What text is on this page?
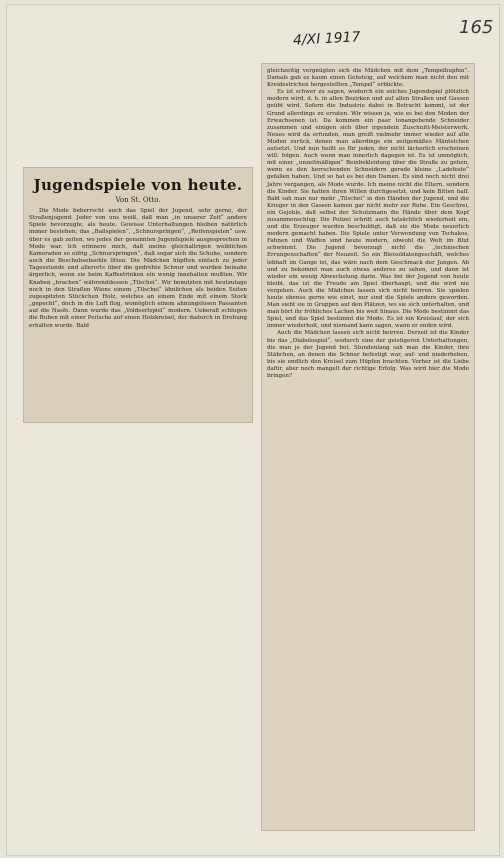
4/XI 1917
165
Jugendspiele von heute.
Von St. Otto.

Die Mode beherrscht auch das Spiel der Jugend, sehr gerne, der Straßenjugend. Jeder von uns weiß, daß man „in unserer Zeit“ andere Spiele bevorzugte, als heute. Gewisse Unterhaltungen bleiben natürlich immer bestehen; das „Ballspielen“, „Schnurspringen“, „Reifenspielen“ usw. über es gab zeiten, wo jedes der genannten Jugendspiele ausgesprochen in Mode war. Ich erinnere mich, daß meine gleichaltrigen weiblichen Kameraden so eifrig „Schnurspringen“, daß sogar sich die Schuhe, sondern auch die Beschuhsebsohle litten. Die Mädchen hüpften einfach zu jeder Tagesstunde und allerorts über die gedrehte Schnur und wurden beinahe ärgerlich, wenn sie beim Kaffeetrinken ein wenig innehalten mußten. Wir Knaben „brachen“ währenddessen „Tilschei“. Wir benutzten mit heutzutage noch in den Straßen Wiens einem „Tilschei“ ähnlichen als beiden Seiten zugespitzten Stückchen Holz, welches an einem Ende mit einem Stock „gepecht“, doch in die Luft flog, womöglich einem ahnungslosen Passanten auf die Nasfe. Dann wurde das „Voldeerlspiel“ modern. Ueberall schlugen die Buben mit einer Peitsche auf einen Holzkreisel, der dadurch in Drehung erhalten wurde. Bald

gleichzeitig vergnügten sich die Mädchen mit dem „Tempelhupfen“. Damals gab es kaum einen Gehsteig, auf welchem man nicht den mit Kreidestrichen hergestellten „Tempel“ erblickte.

Es ist schwer zu sagen, wodurch ein solches Jugendspiel plötzlich modern wird, d. h. in allen Bezirken und auf allen Straßen und Gassen geübt wird. Sofern die Industrie dabei in Betracht kommt, ist der Grund allerdings zu erraten. Wir wissen ja, wie es bei den Moden der Erwachsenen ist. Da kommen ein paar tonangebende Schneider zusammen und einigen sich über irgendein Zuschnitt-Meisterwerk. Neues wird da erfunden, man greift vielmehr immer wieder auf alte Moden zurück, denen man allerdings ein zeitgemäßes Mäntelchen aufsetzt. Und nun heißt es für jeden, der nicht lächerlich erscheinen will: folgen. Auch wenn man innerlich dagegen ist. Es ist unmöglich, mit einer „unzeitmäßigen“ Beinbekleidung über die Straße zu gehen, wenn es den herrschenden Schneidern gerade kleine „Ladefeste“ gefallen haben. Und so hat es bei den Damen. Es sind noch nicht drei Jahre vergangen, als Mode wurde. Ich meine nicht die Eltern, sondern die Kinder. Sie hatten ihren Willen durchgesetzt, und kein Bitten half. Bald sah man nur mehr „Tilschei“ in den Händen der Jugend, und die Krieger in den Gassen kamen gar nicht mehr zur Ruhe. Ein Geschrei, ein Gejohle, daß selbst der Schutzmann die Hände über dem Kopf zusammenschlug. Die Polizei schritt auch tatsächlich wiederholt ein, und die Erzeuger wurden beschuldigt, daß sie die Mode neuerlich modern gemacht haben. Die Spiele unter Verwendung von Tschakos, Fahnen und Waffen sind heute modern, obwohl die Welt im Blut schwimmt. Die Jugend bevorzugt nicht die „technischen Errungenschaften“ der Neuzeit. So ein Bleisoldatengeschäft, welches lebhaft im Gange ist, das wäre nach dem Geschmack der Jungen. Ab und zu bekommt man auch etwas anderes zu sehen, und dann ist wieder ein wenig Abwechslung darin. Was bei der Jugend von heute bleibt, das ist die Freude am Spiel überhaupt, und die wird nie vergehen. Auch die Mädchen lassen sich nicht beirren. Sie spielen heute ebenso gerne wie einst, nur sind die Spiele andere geworden. Man sieht sie in Gruppen auf den Plätzen, wo sie sich unterhalten, und man hört ihr fröhliches Lachen bis weit hinaus. Die Mode bestimmt das Spiel, und das Spiel bestimmt die Mode. Es ist ein Kreislauf, der sich immer wiederholt, und niemand kann sagen, wann er enden wird.

Auch die Mädchen lassen sich nicht beirren. Derzeit ist die Kinder bis das „Diabolospiel“, wodurch eine der geistigeren Unterhaltungen, die man je der Jugend bot. Stundenlang sah man die Kinder, ihre Stäbchen, an denen die Schnur befestigt war, auf- und niederheben, bis sie endlich den Kreisel zum Hüpfen brachten. Vorher ist die Liebe dafür, aber noch mangelt der richtige Erfolg. Was wird hier die Mode bringen?
